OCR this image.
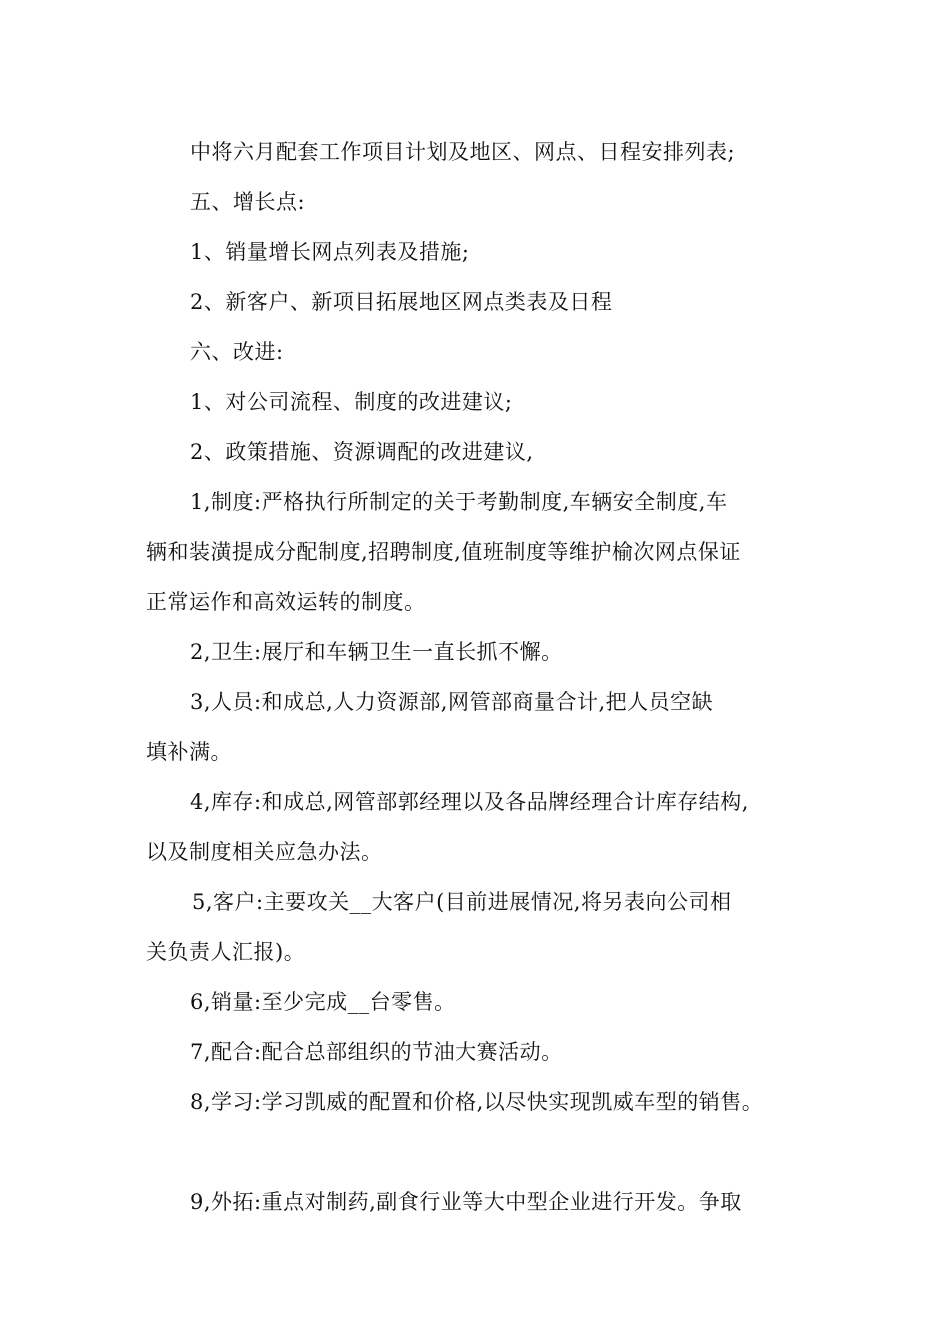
中将六月配套工作项目计划及地区、网点、日程安排列表;
五、增长点:
1、销量增长网点列表及措施;
2、新客户、新项目拓展地区网点类表及日程
六、改进:
1、对公司流程、制度的改进建议;
2、政策措施、资源调配的改进建议,
1,制度:严格执行所制定的关于考勤制度,车辆安全制度,车
辆和装潢提成分配制度,招聘制度,值班制度等维护榆次网点保证
正常运作和高效运转的制度。
2,卫生:展厅和车辆卫生一直长抓不懈。
3,人员:和成总,人力资源部,网管部商量合计,把人员空缺
填补满。
4,库存:和成总,网管部郭经理以及各品牌经理合计库存结构,
以及制度相关应急办法。
5,客户:主要攻关__大客户(目前进展情况,将另表向公司相
关负责人汇报)。
6,销量:至少完成__台零售。
7,配合:配合总部组织的节油大赛活动。
8,学习:学习凯威的配置和价格,以尽快实现凯威车型的销售。
9,外拓:重点对制药,副食行业等大中型企业进行开发。争取
